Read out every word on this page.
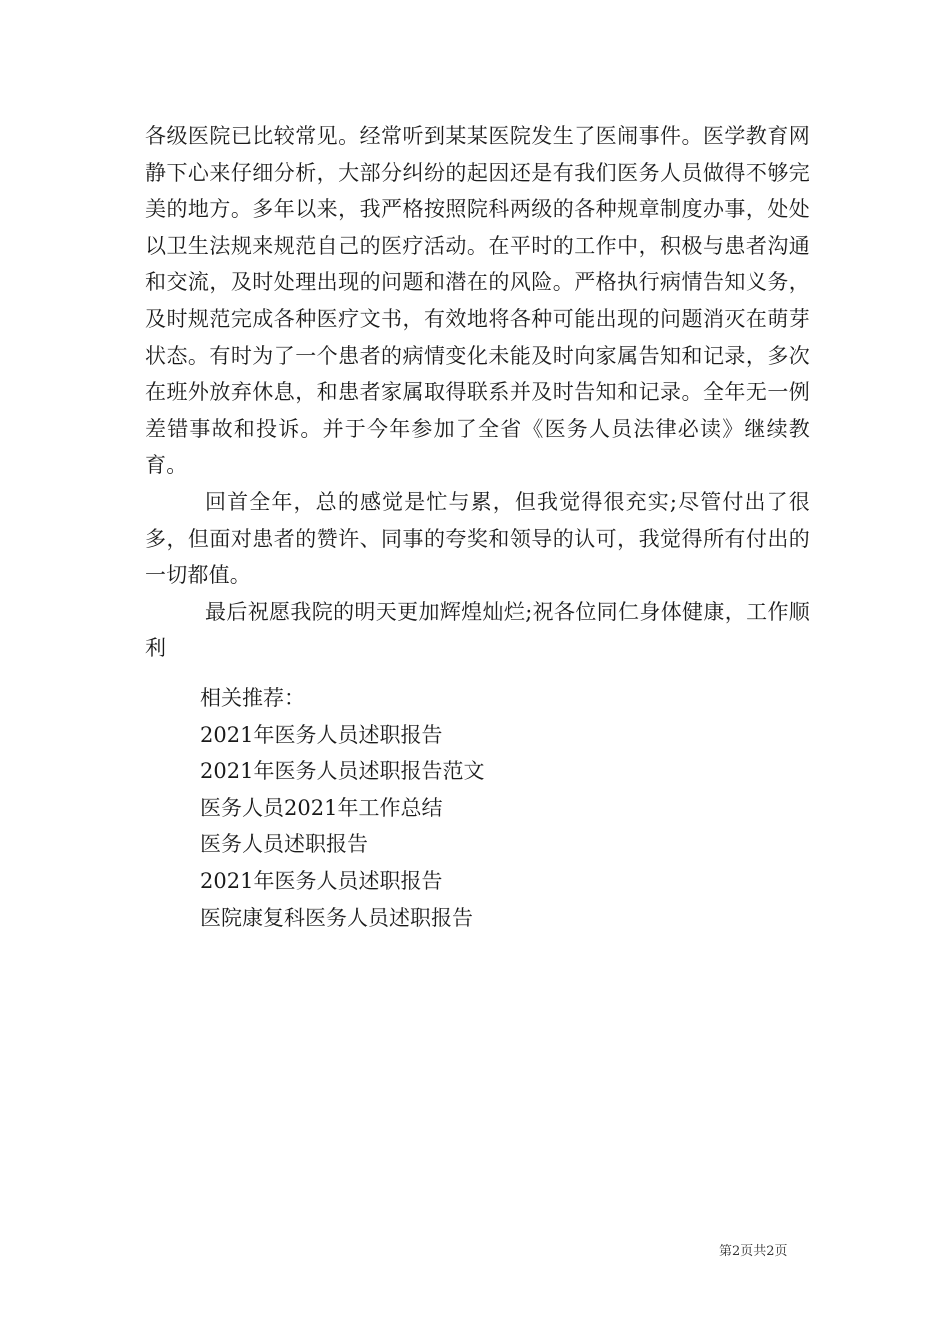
各级医院已比较常见。经常听到某某医院发生了医闹事件。医学教育网静下心来仔细分析，大部分纠纷的起因还是有我们医务人员做得不够完美的地方。多年以来，我严格按照院科两级的各种规章制度办事，处处以卫生法规来规范自己的医疗活动。在平时的工作中，积极与患者沟通和交流，及时处理出现的问题和潜在的风险。严格执行病情告知义务，及时规范完成各种医疗文书，有效地将各种可能出现的问题消灭在萌芽状态。有时为了一个患者的病情变化未能及时向家属告知和记录，多次在班外放弃休息，和患者家属取得联系并及时告知和记录。全年无一例差错事故和投诉。并于今年参加了全省《医务人员法律必读》继续教育。

回首全年，总的感觉是忙与累，但我觉得很充实;尽管付出了很多，但面对患者的赞许、同事的夸奖和领导的认可，我觉得所有付出的一切都值。

最后祝愿我院的明天更加辉煌灿烂;祝各位同仁身体健康，工作顺利

相关推荐：

2021年医务人员述职报告

2021年医务人员述职报告范文

医务人员2021年工作总结

医务人员述职报告

2021年医务人员述职报告

医院康复科医务人员述职报告

第2页共2页
